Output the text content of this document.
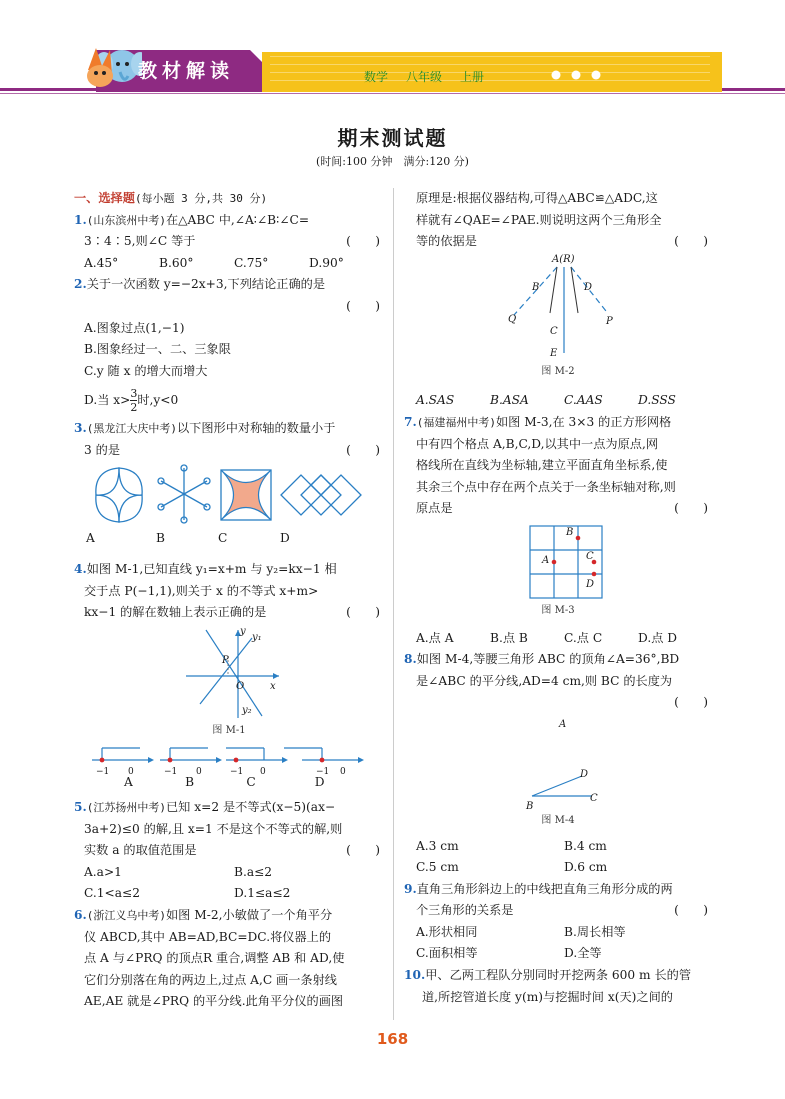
教材解读	数学 八年级 上册
期末测试题
(时间:100 分钟　满分:120 分)

一、选择题(每小题 3 分,共 30 分)

1.(山东滨州中考)在△ABC 中,∠A∶∠B∶∠C=

3∶4∶5,则∠C 等于	(　　)

A.45°	B.60°	C.75°	D.90°

2.关于一次函数 y=−2x+3,下列结论正确的是

(　　)

A.图象过点(1,−1)

B.图象经过一、二、三象限

C.y 随 x 的增大而增大

D.当 $x> \frac{3}{2}$ 时,y<0

3.(黑龙江大庆中考)以下图形中对称轴的数量小于

3 的是	(　　)

A	B	C	D

4.如图 M-1,已知直线 y₁=x+m 与 y₂=kx−1 相

交于点 P(−1,1),则关于 x 的不等式 x+m>

kx−1 的解在数轴上表示正确的是	(　　)

y
y₁
P
O	x
y₂

图 M-1

−1 0	−1 0	−1 0	−1 0

A	B	C	D

5.(江苏扬州中考)已知 x=2 是不等式(x−5)(ax−

3a+2)≤0 的解,且 x=1 不是这个不等式的解,则

实数 a 的取值范围是	(　　)

A.a>1	B.a≤2

C.1<a≤2	D.1≤a≤2

6.(浙江义乌中考)如图 M-2,小敏做了一个角平分

仪 ABCD,其中 AB=AD,BC=DC.将仪器上的

点 A 与∠PRQ 的顶点R 重合,调整 AB 和 AD,使

它们分别落在角的两边上,过点 A,C 画一条射线

AE,AE 就是∠PRQ 的平分线.此角平分仪的画图

原理是:根据仪器结构,可得△ABC≌△ADC,这

样就有∠QAE=∠PAE.则说明这两个三角形全

等的依据是	(　　)

A(R)
B	D
Q	P
C
E

图 M-2

A.SAS	B.ASA	C.AAS	D.SSS

7.(福建福州中考)如图 M-3,在 3×3 的正方形网格

中有四个格点 A,B,C,D,以其中一点为原点,网

格线所在直线为坐标轴,建立平面直角坐标系,使

其余三个点中存在两个点关于一条坐标轴对称,则

原点是	(　　)

A
B
C
D

图 M-3

A.点 A	B.点 B	C.点 C	D.点 D

8.如图 M-4,等腰三角形 ABC 的顶角∠A=36°,BD

是∠ABC 的平分线,AD=4 cm,则 BC 的长度为

(　　)

A
D
B
C

图 M-4

A.3 cm	B.4 cm

C.5 cm	D.6 cm

9.直角三角形斜边上的中线把直角三角形分成的两

个三角形的关系是	(　　)

A.形状相同	B.周长相等

C.面积相等	D.全等

10.甲、乙两工程队分别同时开挖两条 600 m 长的管

道,所挖管道长度 y(m)与挖掘时间 x(天)之间的

168
